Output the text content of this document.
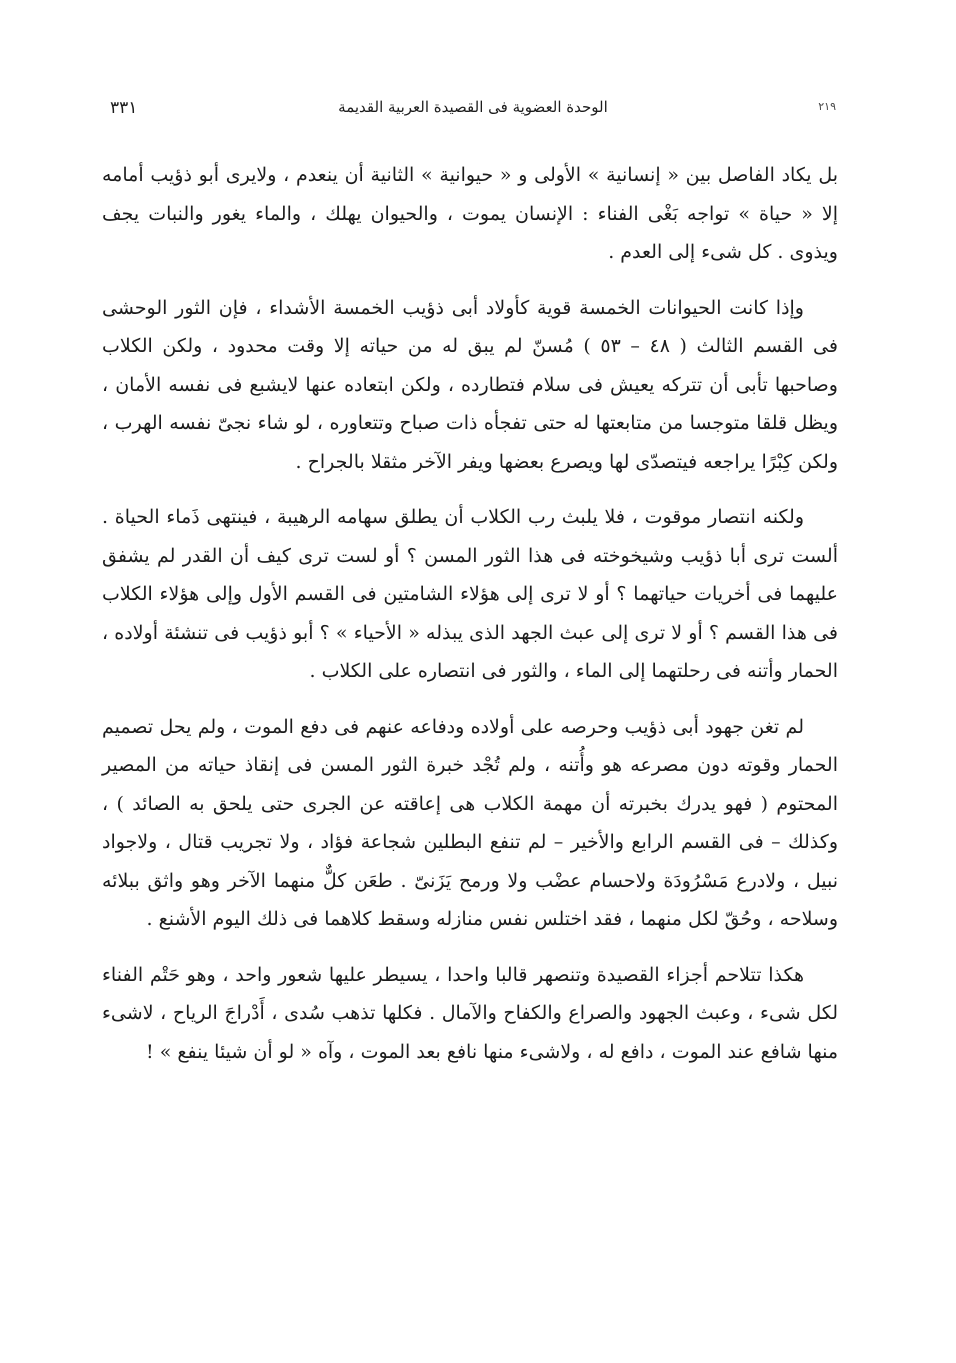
٣٣١	الوحدة العضوية فى القصيدة العربية القديمة	٢١٩

بل يكاد الفاصل بين « إنسانية » الأولى و « حيوانية » الثانية أن ينعدم ، ولايرى أبو ذؤيب أمامه إلا « حياة » تواجه بَغْى الفناء : الإنسان يموت ، والحيوان يهلك ، والماء يغور والنبات يجف ويذوى . كل شىء إلى العدم .

وإذا كانت الحيوانات الخمسة قوية كأولاد أبى ذؤيب الخمسة الأشداء ، فإن الثور الوحشى فى القسم الثالث ( ٤٨ – ٥٣ ) مُسنّ لم يبق له من حياته إلا وقت محدود ، ولكن الكلاب وصاحبها تأبى أن تتركه يعيش فى سلام فتطارده ، ولكن ابتعاده عنها لايشبع فى نفسه الأمان ، ويظل قلقا متوجسا من متابعتها له حتى تفجأه ذات صباح وتتعاوره ، لو شاء نجىّ نفسه الهرب ، ولكن كِبْرًا يراجعه فيتصدّى لها ويصرع بعضها ويفر الآخر مثقلا بالجراح .

ولكنه انتصار موقوت ، فلا يلبث رب الكلاب أن يطلق سهامه الرهيبة ، فينتهى ذَماء الحياة . ألست ترى أبا ذؤيب وشيخوخته فى هذا الثور المسن ؟ أو لست ترى كيف أن القدر لم يشفق عليهما فى أخريات حياتهما ؟ أو لا ترى إلى هؤلاء الشامتين فى القسم الأول وإلى هؤلاء الكلاب فى هذا القسم ؟ أو لا ترى إلى عبث الجهد الذى يبذله « الأحياء » ؟ أبو ذؤيب فى تنشئة أولاده ، الحمار وأتنه فى رحلتهما إلى الماء ، والثور فى انتصاره على الكلاب .

لم تغن جهود أبى ذؤيب وحرصه على أولاده ودفاعه عنهم فى دفع الموت ، ولم يحل تصميم الحمار وقوته دون مصرعه هو وأُتنه ، ولم تُجْد خبرة الثور المسن فى إنقاذ حياته من المصير المحتوم ( فهو يدرك بخبرته أن مهمة الكلاب هى إعاقته عن الجرى حتى يلحق به الصائد ) ، وكذلك – فى القسم الرابع والأخير – لم تنفع البطلين شجاعة فؤاد ، ولا تجريب قتال ، ولاجواد نبيل ، ولادرع مَسْرُودَة ولاحسام عضْب ولا ورمح يَزَنىّ . طعَن كلٌّ منهما الآخر وهو واثق ببلائه وسلاحه ، وحُقّ لكل منهما ، فقد اختلس نفس منازله وسقط كلاهما فى ذلك اليوم الأشنع .

هكذا تتلاحم أجزاء القصيدة وتنصهر قالبا واحدا ، يسيطر عليها شعور واحد ، وهو حَتْم الفناء لكل شىء ، وعبث الجهود والصراع والكفاح والآمال . فكلها تذهب سُدى ، أَدْراجَ الرياح ، لاشىء منها شافع عند الموت ، دافع له ، ولاشىء منها نافع بعد الموت ، وآه « لو أن شيئا ينفع » !
